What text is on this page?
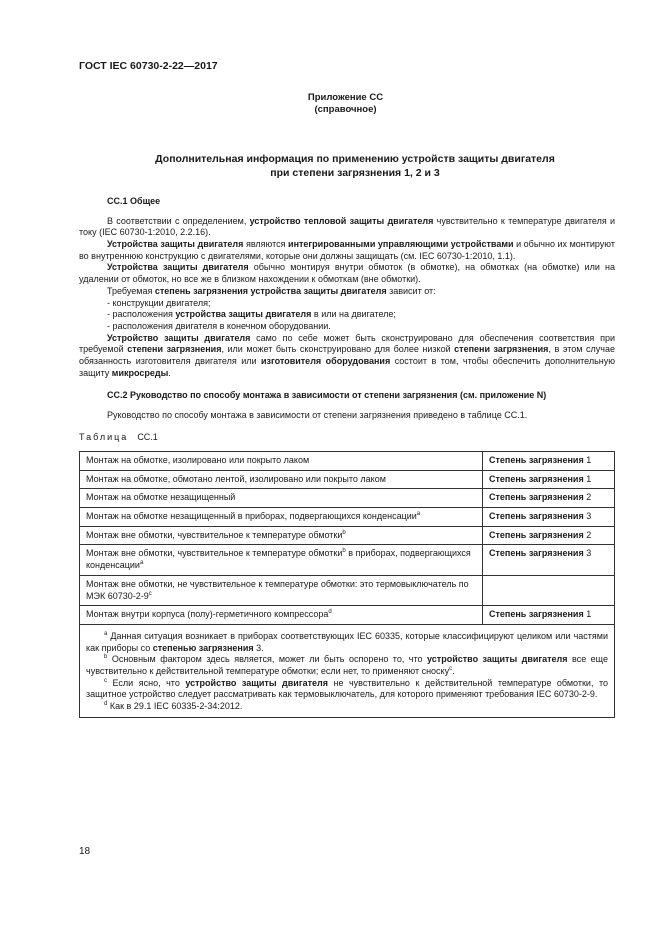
ГОСТ IEC 60730-2-22—2017
Приложение СС
(справочное)
Дополнительная информация по применению устройств защиты двигателя
при степени загрязнения 1, 2 и 3

СС.1 Общее

В соответствии с определением, устройство тепловой защиты двигателя чувствительно к температуре двигателя и току (IEC 60730-1:2010, 2.2.16).

Устройства защиты двигателя являются интегрированными управляющими устройствами и обычно их монтируют во внутреннюю конструкцию с двигателями, которые они должны защищать (см. IEC 60730-1:2010, 1.1).

Устройства защиты двигателя обычно монтируя внутри обмоток (в обмотке), на обмотках (на обмотке) или на удалении от обмоток, но все же в близком нахождении к обмоткам (вне обмотки).

Требуемая степень загрязнения устройства защиты двигателя зависит от:

- конструкции двигателя;
- расположения устройства защиты двигателя в или на двигателе;
- расположения двигателя в конечном оборудовании.

Устройство защиты двигателя само по себе может быть сконструировано для обеспечения соответствия при требуемой степени загрязнения, или может быть сконструировано для более низкой степени загрязнения, в этом случае обязанность изготовителя двигателя или изготовителя оборудования состоит в том, чтобы обеспечить дополнительную защиту микросреды.

СС.2 Руководство по способу монтажа в зависимости от степени загрязнения (см. приложение N)

Руководство по способу монтажа в зависимости от степени загрязнения приведено в таблице СС.1.

Таблица СС.1
Монтаж на обмотке, изолировано или покрыто лаком	Степень загрязнения 1
Монтаж на обмотке, обмотано лентой, изолировано или покрыто лаком	Степень загрязнения 1
Монтаж на обмотке незащищенный	Степень загрязнения 2
Монтаж на обмотке незащищенный в приборах, подвергающихся конденсации$^a$	Степень загрязнения 3
Монтаж вне обмотки, чувствительное к температуре обмотки$^b$	Степень загрязнения 2
Монтаж вне обмотки, чувствительное к температуре обмотки$^b$ в приборах, подвергающихся конденсации$^a$	Степень загрязнения 3
Монтаж вне обмотки, не чувствительное к температуре обмотки: это термовыключатель по МЭК 60730-2-9$^c$	
Монтаж внутри корпуса (полу)-герметичного компрессора$^d$	Степень загрязнения 1

$^a$ Данная ситуация возникает в приборах соответствующих IEC 60335, которые классифицируют целиком или частями как приборы со степенью загрязнения 3.

$^b$ Основным фактором здесь является, может ли быть оспорено то, что устройство защиты двигателя все еще чувствительно к действительной температуре обмотки; если нет, то применяют сноску$^c$.

$^c$ Если ясно, что устройство защиты двигателя не чувствительно к действительной температуре обмотки, то защитное устройство следует рассматривать как термовыключатель, для которого применяют требования IEC 60730-2-9.

$^d$ Как в 29.1 IEC 60335-2-34:2012.	

18
